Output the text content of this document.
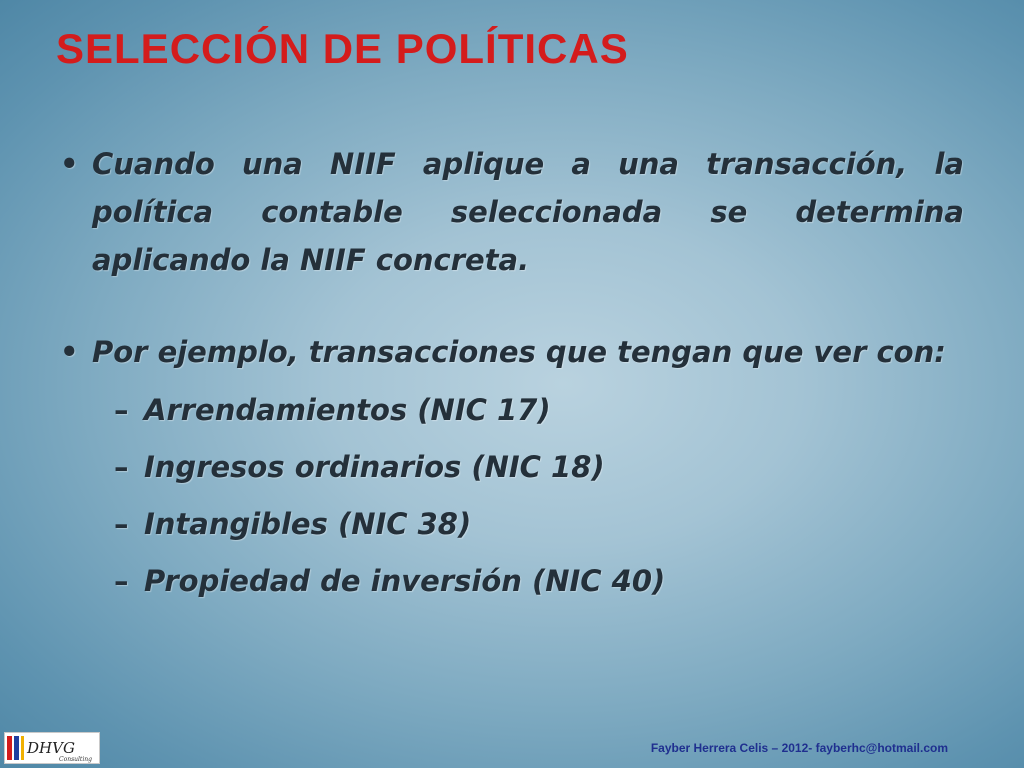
SELECCIÓN DE POLÍTICAS
• Cuando una NIIF aplique a una transacción, la política contable seleccionada se determina aplicando la NIIF concreta.
• Por ejemplo, transacciones que tengan que ver con:
– Arrendamientos (NIC 17)
– Ingresos ordinarios (NIC 18)
– Intangibles (NIC 38)
– Propiedad de inversión (NIC 40)
DHVG
Consulting
Fayber Herrera Celis – 2012- fayberhc@hotmail.com
